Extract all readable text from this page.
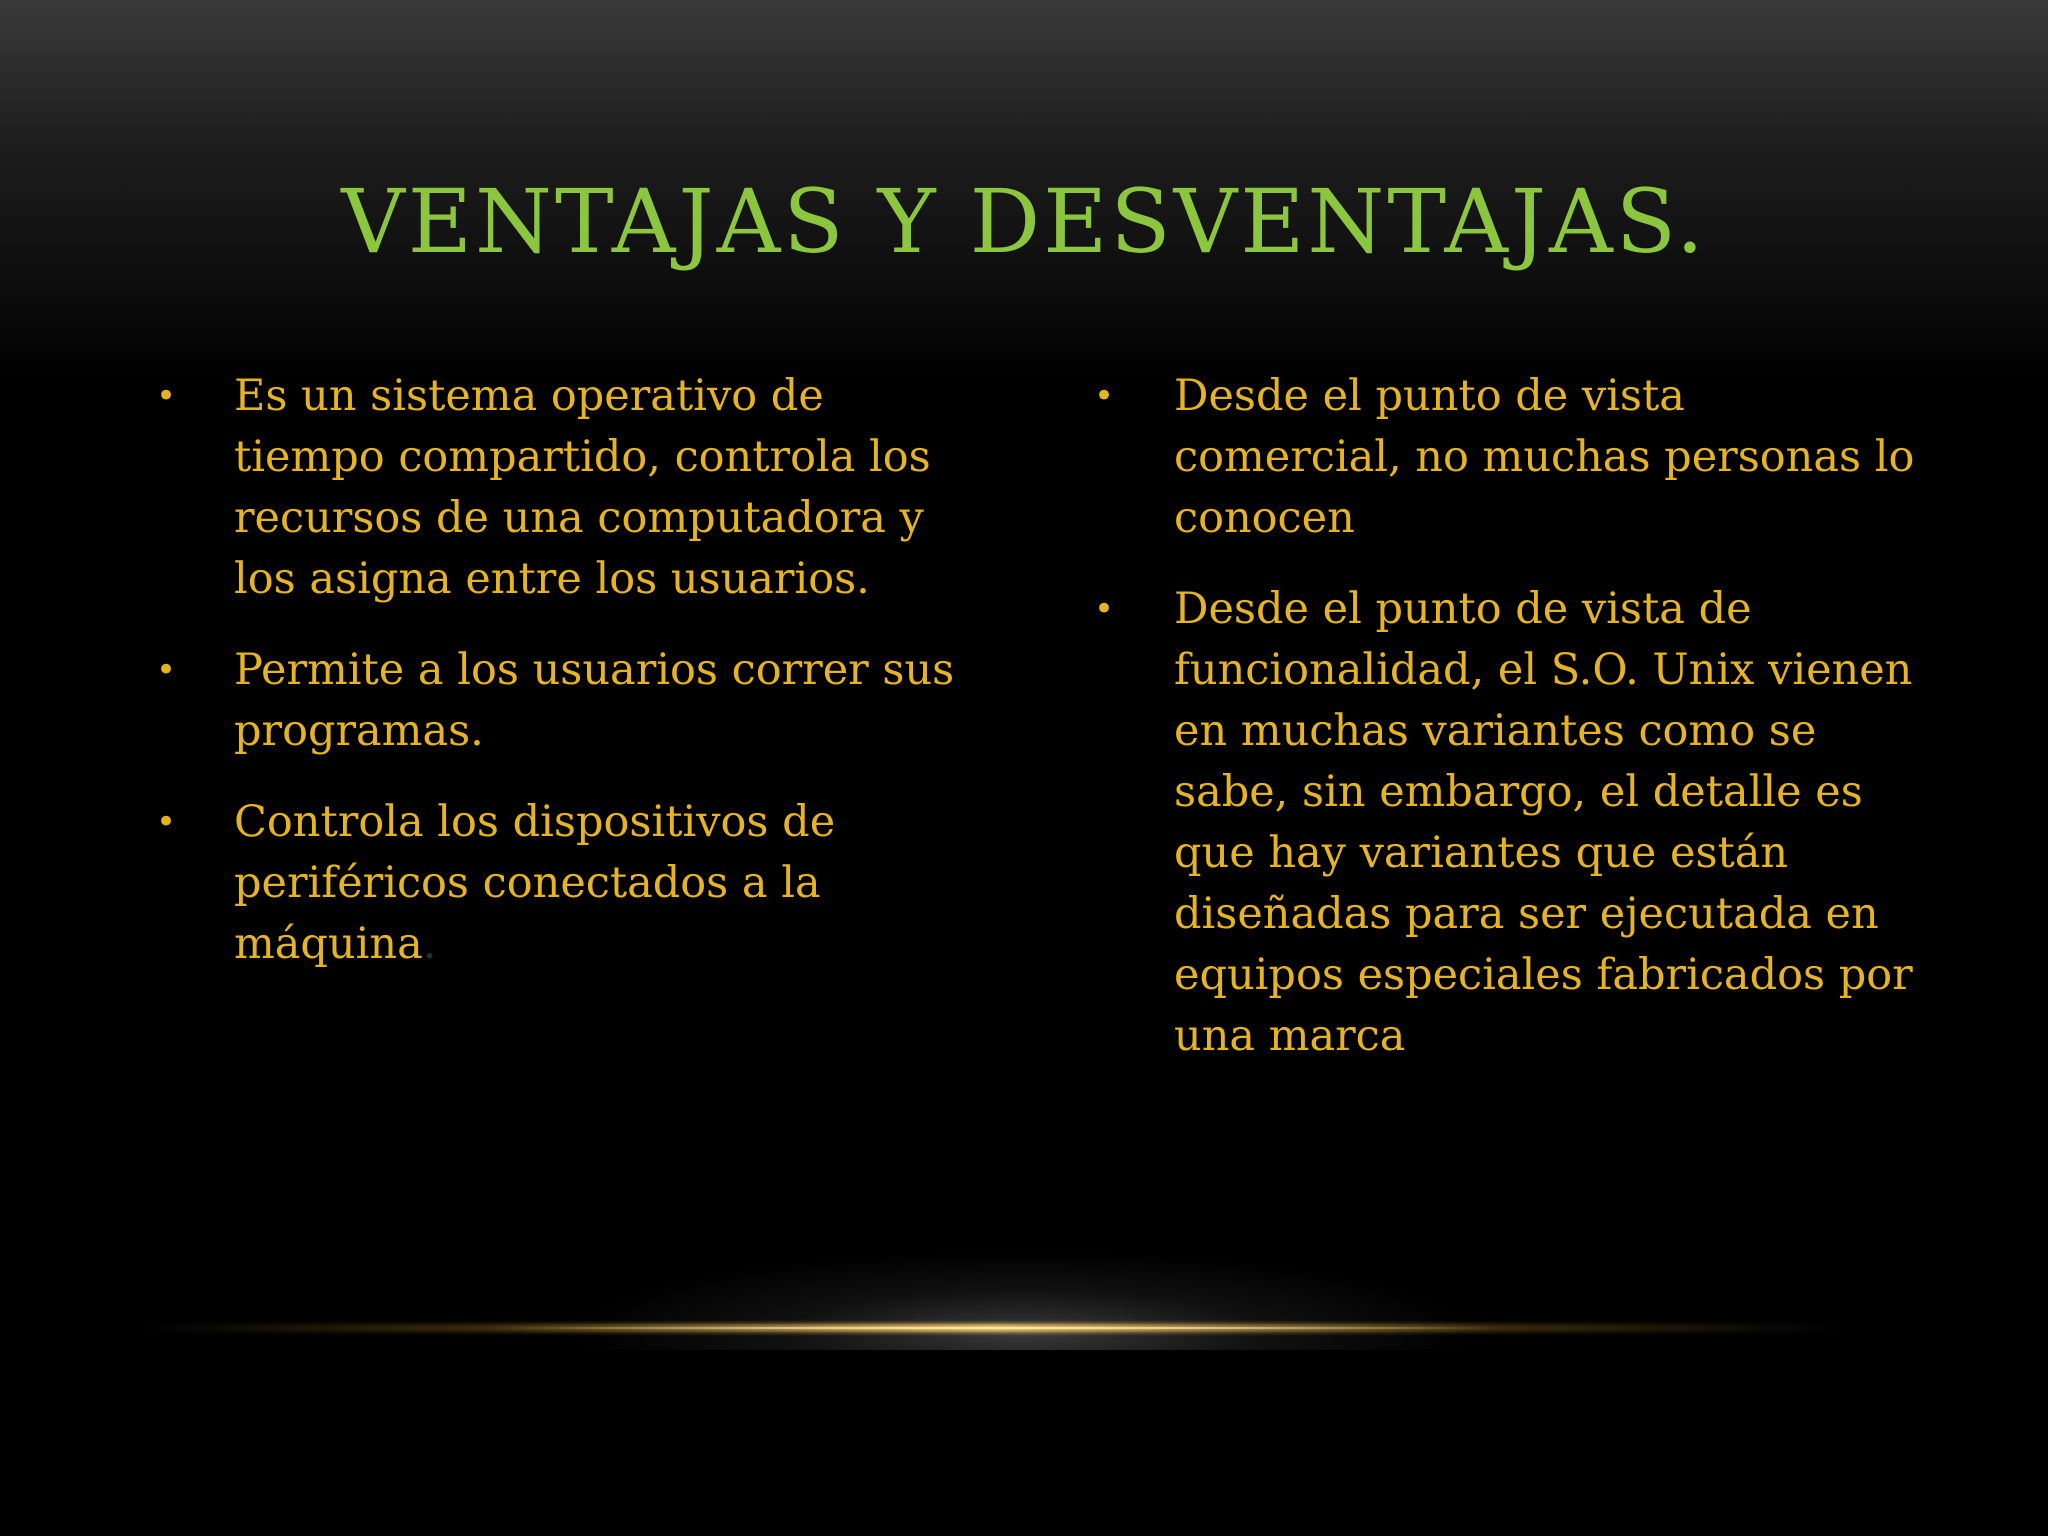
VENTAJAS Y DESVENTAJAS.
• Es un sistema operativo de tiempo compartido, controla los recursos de una computadora y los asigna entre los usuarios.
• Permite a los usuarios correr sus programas.
• Controla los dispositivos de periféricos conectados a la máquina.
• Desde el punto de vista comercial, no muchas personas lo conocen
• Desde el punto de vista de funcionalidad, el S.O. Unix vienen en muchas variantes como se sabe, sin embargo, el detalle es que hay variantes que están diseñadas para ser ejecutada en equipos especiales fabricados por una marca
